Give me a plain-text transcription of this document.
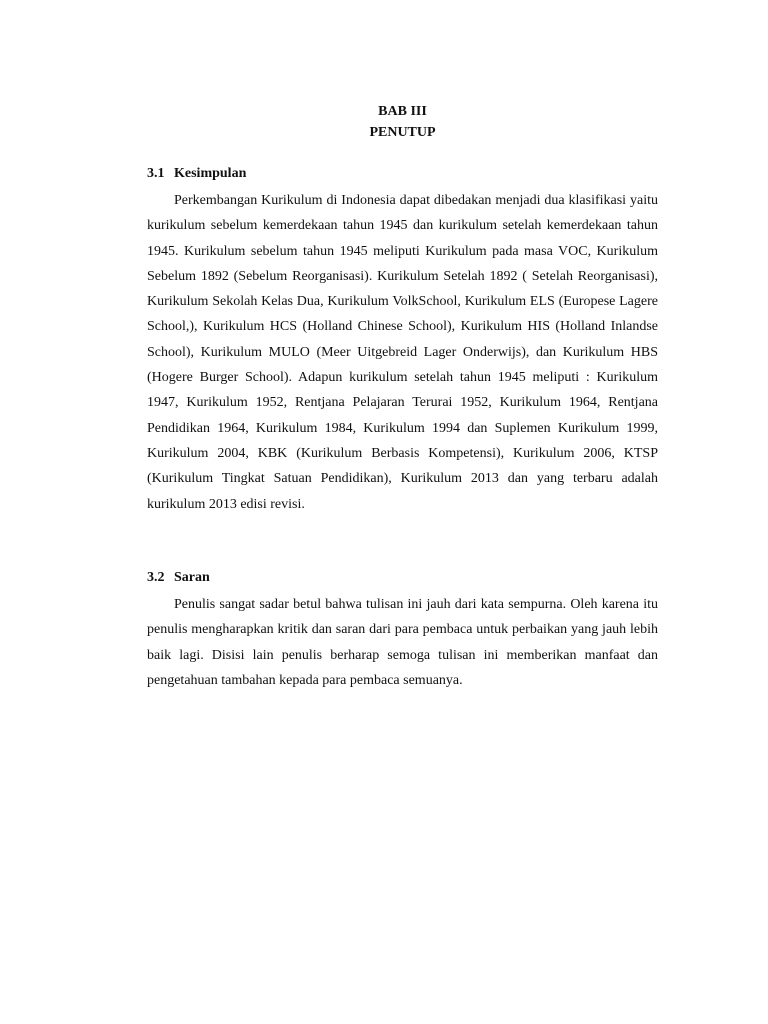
BAB III
PENUTUP
3.1 Kesimpulan

Perkembangan Kurikulum di Indonesia dapat dibedakan menjadi dua klasifikasi yaitu kurikulum sebelum kemerdekaan tahun 1945 dan kurikulum setelah kemerdekaan tahun 1945. Kurikulum sebelum tahun 1945 meliputi Kurikulum pada masa VOC, Kurikulum Sebelum 1892 (Sebelum Reorganisasi). Kurikulum Setelah 1892 ( Setelah Reorganisasi), Kurikulum Sekolah Kelas Dua, Kurikulum VolkSchool, Kurikulum ELS (Europese Lagere School,), Kurikulum HCS (Holland Chinese School), Kurikulum HIS (Holland Inlandse School), Kurikulum MULO (Meer Uitgebreid Lager Onderwijs), dan Kurikulum HBS (Hogere Burger School). Adapun kurikulum setelah tahun 1945 meliputi : Kurikulum 1947, Kurikulum 1952, Rentjana Pelajaran Terurai 1952, Kurikulum 1964, Rentjana Pendidikan 1964, Kurikulum 1984, Kurikulum 1994 dan Suplemen Kurikulum 1999, Kurikulum 2004, KBK (Kurikulum Berbasis Kompetensi), Kurikulum 2006, KTSP (Kurikulum Tingkat Satuan Pendidikan), Kurikulum 2013 dan yang terbaru adalah kurikulum 2013 edisi revisi.

3.2 Saran

Penulis sangat sadar betul bahwa tulisan ini jauh dari kata sempurna. Oleh karena itu penulis mengharapkan kritik dan saran dari para pembaca untuk perbaikan yang jauh lebih baik lagi. Disisi lain penulis berharap semoga tulisan ini memberikan manfaat dan pengetahuan tambahan kepada para pembaca semuanya.
